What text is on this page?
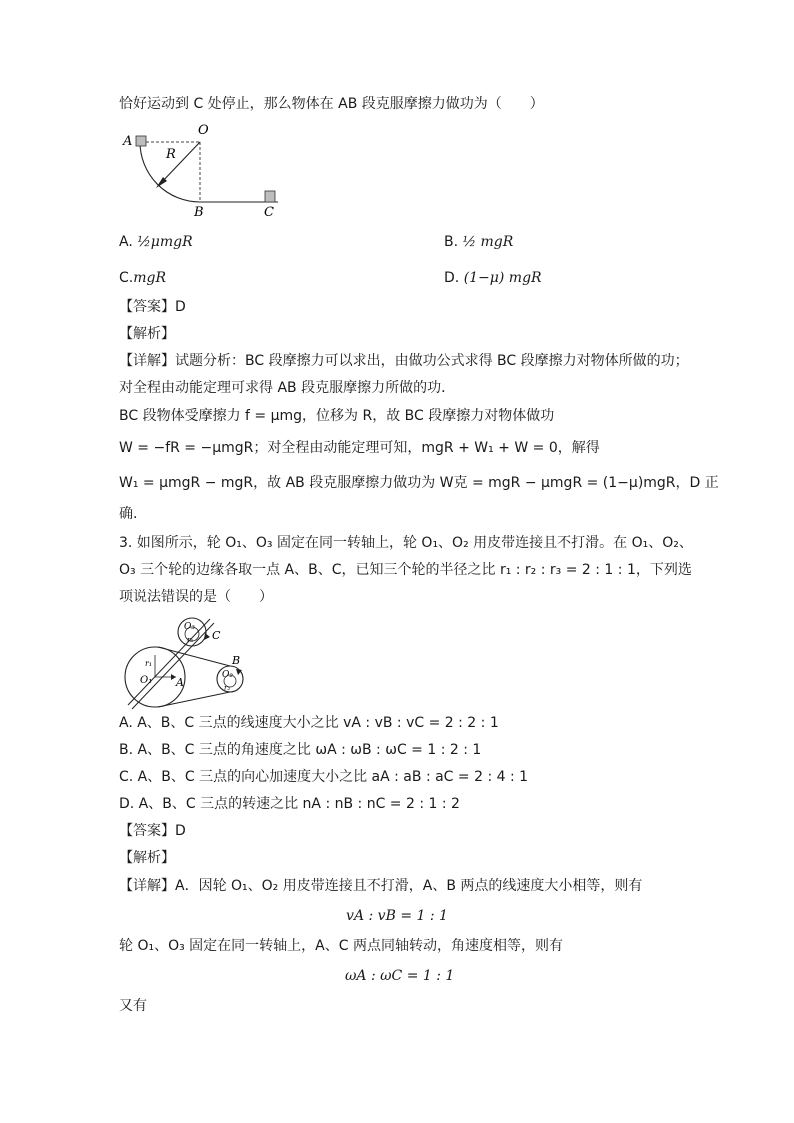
恰好运动到 C 处停止，那么物体在 AB 段克服摩擦力做功为（　　）
A
O
R
B	C
A. ½μmgR	B. ½ mgR
C.mgR	D. (1−μ) mgR
【答案】D
【解析】
【详解】试题分析：BC 段摩擦力可以求出，由做功公式求得 BC 段摩擦力对物体所做的功；
对全程由动能定理可求得 AB 段克服摩擦力所做的功．
BC 段物体受摩擦力 f = μmg，位移为 R，故 BC 段摩擦力对物体做功
W = −fR = −μmgR；对全程由动能定理可知，mgR + W₁ + W = 0，解得
W₁ = μmgR − mgR，故 AB 段克服摩擦力做功为 W克 = mgR − μmgR = (1−μ)mgR，D 正
确.
3. 如图所示，轮 O₁、O₃ 固定在同一转轴上，轮 O₁、O₂ 用皮带连接且不打滑。在 O₁、O₂、
O₃ 三个轮的边缘各取一点 A、B、C，已知三个轮的半径之比 r₁ : r₂ : r₃ = 2 : 1 : 1，下列选
项说法错误的是（　　）
O₁
O₃
O₂
r₁
r₃
r₂
A
B
C
A. A、B、C 三点的线速度大小之比 vA : vB : vC = 2 : 2 : 1
B. A、B、C 三点的角速度之比 ωA : ωB : ωC = 1 : 2 : 1
C. A、B、C 三点的向心加速度大小之比 aA : aB : aC = 2 : 4 : 1
D. A、B、C 三点的转速之比 nA : nB : nC = 2 : 1 : 2
【答案】D
【解析】
【详解】A．因轮 O₁、O₂ 用皮带连接且不打滑，A、B 两点的线速度大小相等，则有
vA : vB = 1 : 1
轮 O₁、O₃ 固定在同一转轴上，A、C 两点同轴转动，角速度相等，则有
ωA : ωC = 1 : 1
又有
